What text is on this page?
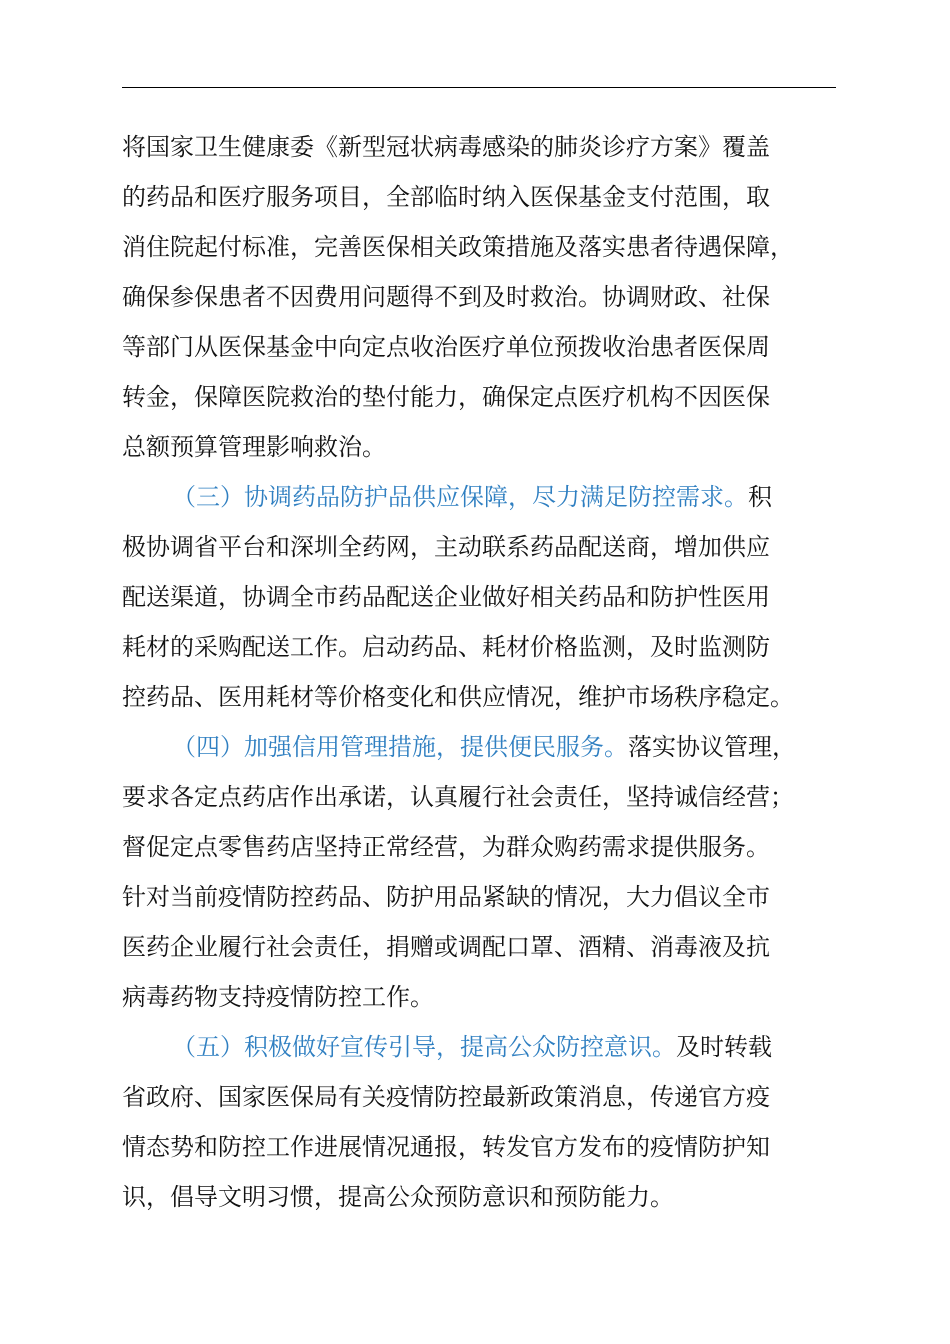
将国家卫生健康委《新型冠状病毒感染的肺炎诊疗方案》覆盖
的药品和医疗服务项目，全部临时纳入医保基金支付范围，取
消住院起付标准，完善医保相关政策措施及落实患者待遇保障，
确保参保患者不因费用问题得不到及时救治。协调财政、社保
等部门从医保基金中向定点收治医疗单位预拨收治患者医保周
转金，保障医院救治的垫付能力，确保定点医疗机构不因医保
总额预算管理影响救治。
（三）协调药品防护品供应保障，尽力满足防控需求。积
极协调省平台和深圳全药网，主动联系药品配送商，增加供应
配送渠道，协调全市药品配送企业做好相关药品和防护性医用
耗材的采购配送工作。启动药品、耗材价格监测，及时监测防
控药品、医用耗材等价格变化和供应情况，维护市场秩序稳定。
（四）加强信用管理措施，提供便民服务。落实协议管理，
要求各定点药店作出承诺，认真履行社会责任，坚持诚信经营；
督促定点零售药店坚持正常经营，为群众购药需求提供服务。
针对当前疫情防控药品、防护用品紧缺的情况，大力倡议全市
医药企业履行社会责任，捐赠或调配口罩、酒精、消毒液及抗
病毒药物支持疫情防控工作。
（五）积极做好宣传引导，提高公众防控意识。及时转载
省政府、国家医保局有关疫情防控最新政策消息，传递官方疫
情态势和防控工作进展情况通报，转发官方发布的疫情防护知
识，倡导文明习惯，提高公众预防意识和预防能力。
